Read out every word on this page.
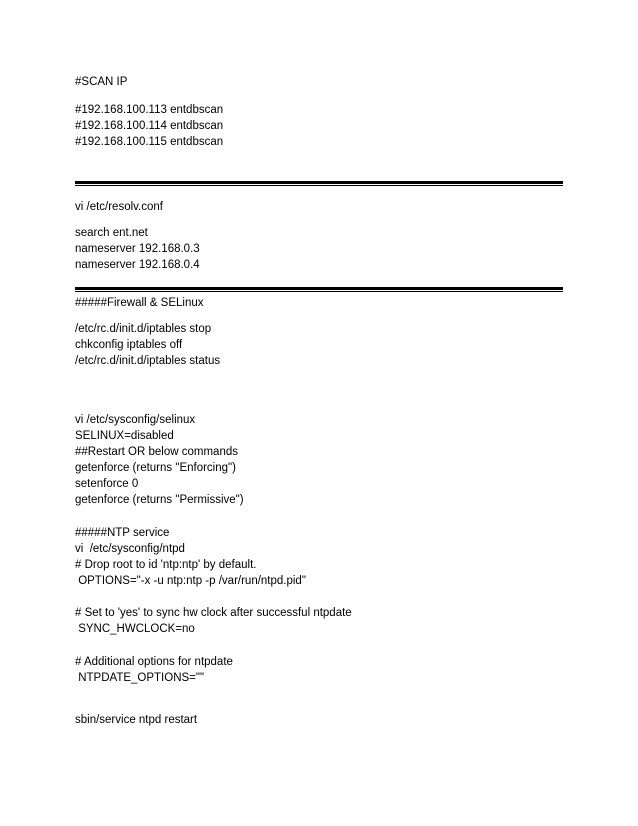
#SCAN IP
#192.168.100.113 entdbscan
#192.168.100.114 entdbscan
#192.168.100.115 entdbscan
vi /etc/resolv.conf
search ent.net
nameserver 192.168.0.3
nameserver 192.168.0.4
#####Firewall & SELinux
/etc/rc.d/init.d/iptables stop
chkconfig iptables off
/etc/rc.d/init.d/iptables status
vi /etc/sysconfig/selinux
SELINUX=disabled
##Restart OR below commands
getenforce (returns "Enforcing")
setenforce 0
getenforce (returns "Permissive")
#####NTP service
vi  /etc/sysconfig/ntpd
# Drop root to id 'ntp:ntp' by default.
OPTIONS="-x -u ntp:ntp -p /var/run/ntpd.pid"
# Set to 'yes' to sync hw clock after successful ntpdate
SYNC_HWCLOCK=no
# Additional options for ntpdate
NTPDATE_OPTIONS=""
sbin/service ntpd restart
